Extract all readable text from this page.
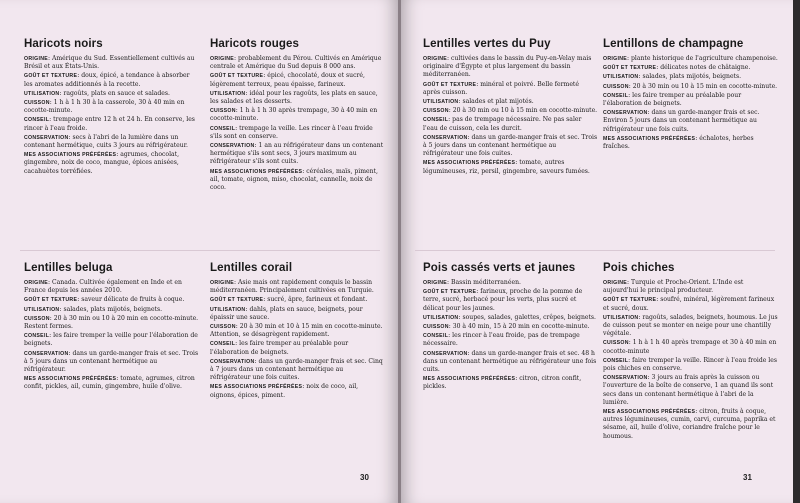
30	31
Haricots noirs

ORIGINE: Amérique du Sud. Essentiellement cultivés au Brésil et aux États-Unis.

GOÛT ET TEXTURE: doux, épicé, a tendance à absorber les aromates additionnés à la recette.

UTILISATION: ragoûts, plats en sauce et salades.

CUISSON: 1 h à 1 h 30 à la casserole, 30 à 40 min en cocotte-minute.

CONSEIL: trempage entre 12 h et 24 h. En conserve, les rincer à l'eau froide.

CONSERVATION: secs à l'abri de la lumière dans un contenant hermétique, cuits 3 jours au réfrigérateur.

MES ASSOCIATIONS PRÉFÉRÉES: agrumes, chocolat, gingembre, noix de coco, mangue, épices anisées, cacahuètes torréfiées.

Haricots rouges

ORIGINE: probablement du Pérou. Cultivés en Amérique centrale et Amérique du Sud depuis 8 000 ans.

GOÛT ET TEXTURE: épicé, chocolaté, doux et sucré, légèrement terreux, peau épaisse, farineux.

UTILISATION: idéal pour les ragoûts, les plats en sauce, les salades et les desserts.

CUISSON: 1 h à 1 h 30 après trempage, 30 à 40 min en cocotte-minute.

CONSEIL: trempage la veille. Les rincer à l'eau froide s'ils sont en conserve.

CONSERVATION: 1 an au réfrigérateur dans un contenant hermétique s'ils sont secs, 3 jours maximum au réfrigérateur s'ils sont cuits.

MES ASSOCIATIONS PRÉFÉRÉES: céréales, maïs, piment, ail, tomate, oignon, miso, chocolat, cannelle, noix de coco.

Lentilles vertes du Puy

ORIGINE: cultivées dans le bassin du Puy-en-Velay mais originaire d'Égypte et plus largement du bassin méditerranéen.

GOÛT ET TEXTURE: minéral et poivré. Belle fermeté après cuisson.

UTILISATION: salades et plat mijotés.

CUISSON: 20 à 30 min ou 10 à 15 min en cocotte-minute.

CONSEIL: pas de trempage nécessaire. Ne pas saler l'eau de cuisson, cela les durcit.

CONSERVATION: dans un garde-manger frais et sec. Trois à 5 jours dans un contenant hermétique au réfrigérateur une fois cuites.

MES ASSOCIATIONS PRÉFÉRÉES: tomate, autres légumineuses, riz, persil, gingembre, saveurs fumées.

Lentillons de champagne

ORIGINE: plante historique de l'agriculture champenoise.

GOÛT ET TEXTURE: délicates notes de châtaigne.

UTILISATION: salades, plats mijotés, beignets.

CUISSON: 20 à 30 min ou 10 à 15 min en cocotte-minute.

CONSEIL: les faire tremper au préalable pour l'élaboration de beignets.

CONSERVATION: dans un garde-manger frais et sec. Environ 5 jours dans un contenant hermétique au réfrigérateur une fois cuits.

MES ASSOCIATIONS PRÉFÉRÉES: échalotes, herbes fraîches.

Lentilles beluga

ORIGINE: Canada. Cultivée également en Inde et en France depuis les années 2010.

GOÛT ET TEXTURE: saveur délicate de fruits à coque.

UTILISATION: salades, plats mijotés, beignets.

CUISSON: 20 à 30 min ou 10 à 20 min en cocotte-minute. Restent fermes.

CONSEIL: les faire tremper la veille pour l'élaboration de beignets.

CONSERVATION: dans un garde-manger frais et sec. Trois à 5 jours dans un contenant hermétique au réfrigérateur.

MES ASSOCIATIONS PRÉFÉRÉES: tomate, agrumes, citron confit, pickles, ail, cumin, gingembre, huile d'olive.

Lentilles corail

ORIGINE: Asie mais ont rapidement conquis le bassin méditerranéen. Principalement cultivées en Turquie.

GOÛT ET TEXTURE: sucré, âpre, farineux et fondant.

UTILISATION: dahls, plats en sauce, beignets, pour épaissir une sauce.

CUISSON: 20 à 30 min et 10 à 15 min en cocotte-minute. Attention, se désagrègent rapidement.

CONSEIL: les faire tremper au préalable pour l'élaboration de beignets.

CONSERVATION: dans un garde-manger frais et sec. Cinq à 7 jours dans un contenant hermétique au réfrigérateur une fois cuites.

MES ASSOCIATIONS PRÉFÉRÉES: noix de coco, ail, oignons, épices, piment.

Pois cassés verts et jaunes

ORIGINE: Bassin méditerranéen.

GOÛT ET TEXTURE: farineux, proche de la pomme de terre, sucré, herbacé pour les verts, plus sucré et délicat pour les jaunes.

UTILISATION: soupes, salades, galettes, crêpes, beignets.

CUISSON: 30 à 40 min, 15 à 20 min en cocotte-minute.

CONSEIL: les rincer à l'eau froide, pas de trempage nécessaire.

CONSERVATION: dans un garde-manger frais et sec. 48 h dans un contenant hermétique au réfrigérateur une fois cuits.

MES ASSOCIATIONS PRÉFÉRÉES: citron, citron confit, pickles.

Pois chiches

ORIGINE: Turquie et Proche-Orient. L'Inde est aujourd'hui le principal producteur.

GOÛT ET TEXTURE: soufré, minéral, légèrement farineux et sucré, doux.

UTILISATION: ragoûts, salades, beignets, houmous. Le jus de cuisson peut se monter en neige pour une chantilly végétale.

CUISSON: 1 h à 1 h 40 après trempage et 30 à 40 min en cocotte-minute

CONSEIL: faire tremper la veille. Rincer à l'eau froide les pois chiches en conserve.

CONSERVATION: 3 jours au frais après la cuisson ou l'ouverture de la boîte de conserve, 1 an quand ils sont secs dans un contenant hermétique à l'abri de la lumière.

MES ASSOCIATIONS PRÉFÉRÉES: citron, fruits à coque, autres légumineuses, cumin, carvi, curcuma, paprika et sésame, ail, huile d'olive, coriandre fraîche pour le houmous.
